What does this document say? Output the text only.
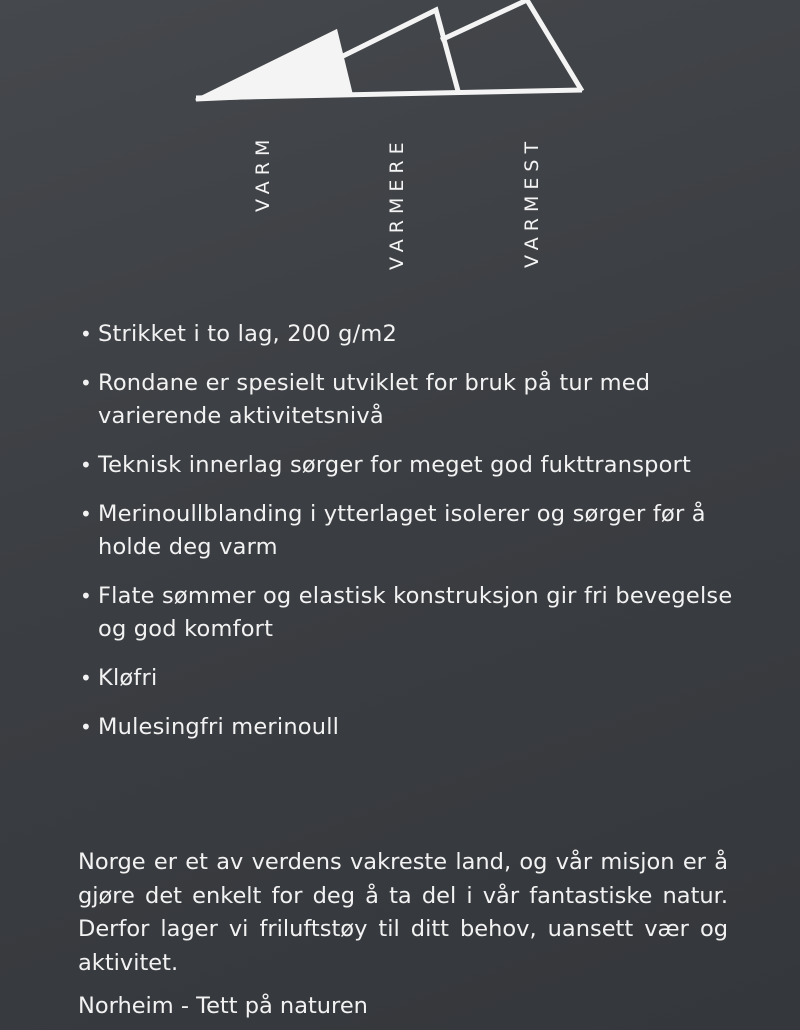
VARM	VARMERE	VARMEST
• Strikket i to lag, 200 g/m2
• Rondane er spesielt utviklet for bruk på tur med varierende aktivitetsnivå
• Teknisk innerlag sørger for meget god fukttransport
• Merinoullblanding i ytterlaget isolerer og sørger før å holde deg varm
• Flate sømmer og elastisk konstruksjon gir fri bevegelse og god komfort
• Kløfri
• Mulesingfri merinoull

Norge er et av verdens vakreste land, og vår misjon er å gjøre det enkelt for deg å ta del i vår fantastiske natur. Derfor lager vi friluftstøy til ditt behov, uansett vær og aktivitet.

Norheim - Tett på naturen
